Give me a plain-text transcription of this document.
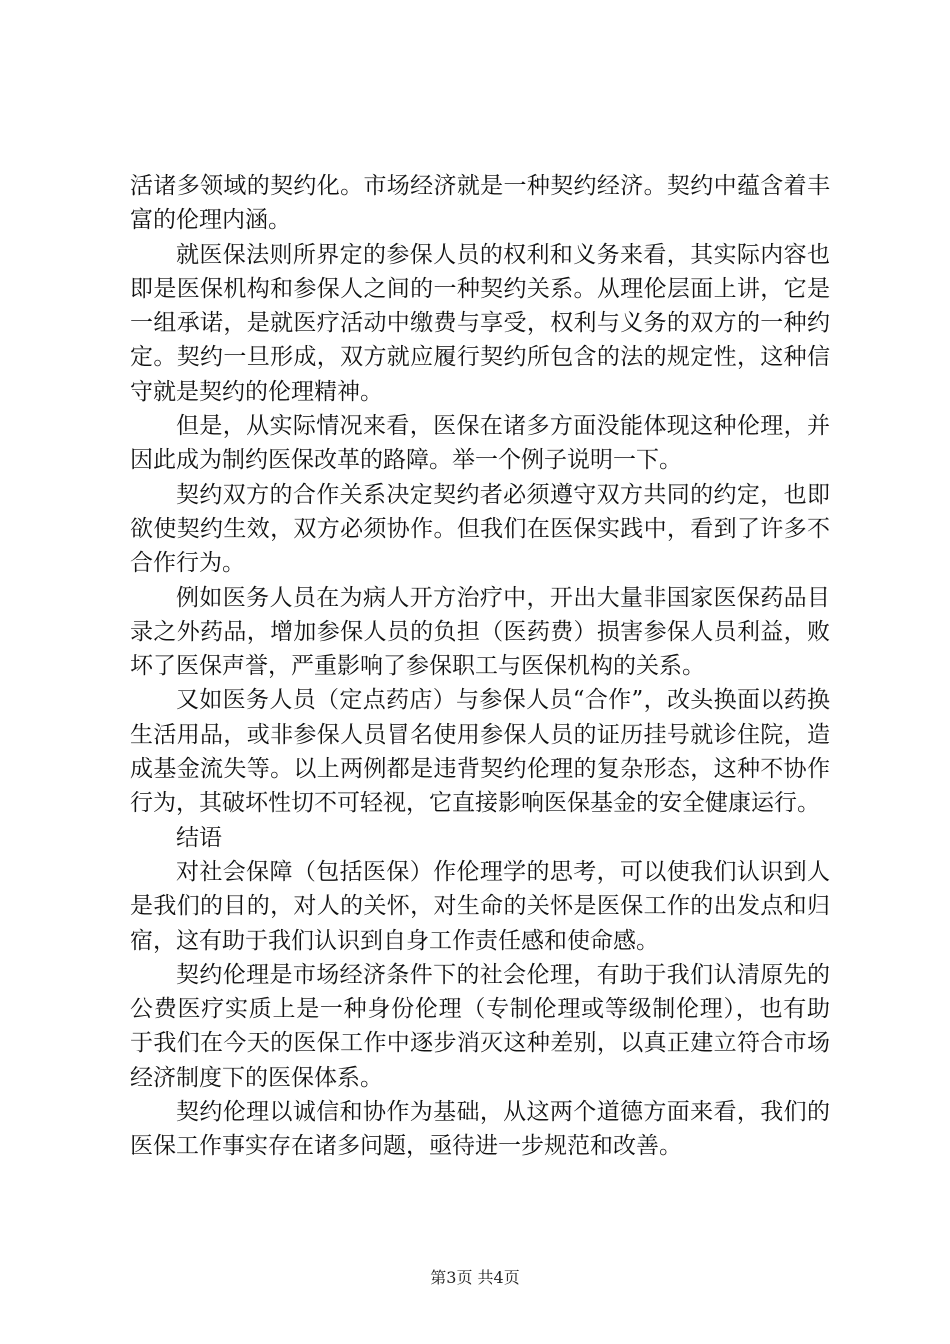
活诸多领域的契约化。市场经济就是一种契约经济。契约中蕴含着丰富的伦理内涵。

就医保法则所界定的参保人员的权利和义务来看，其实际内容也即是医保机构和参保人之间的一种契约关系。从理伦层面上讲，它是一组承诺，是就医疗活动中缴费与享受，权利与义务的双方的一种约定。契约一旦形成，双方就应履行契约所包含的法的规定性，这种信守就是契约的伦理精神。

但是，从实际情况来看，医保在诸多方面没能体现这种伦理，并因此成为制约医保改革的路障。举一个例子说明一下。

契约双方的合作关系决定契约者必须遵守双方共同的约定，也即欲使契约生效，双方必须协作。但我们在医保实践中，看到了许多不合作行为。

例如医务人员在为病人开方治疗中，开出大量非国家医保药品目录之外药品，增加参保人员的负担（医药费）损害参保人员利益，败坏了医保声誉，严重影响了参保职工与医保机构的关系。

又如医务人员（定点药店）与参保人员“合作”，改头换面以药换生活用品，或非参保人员冒名使用参保人员的证历挂号就诊住院，造成基金流失等。以上两例都是违背契约伦理的复杂形态，这种不协作行为，其破坏性切不可轻视，它直接影响医保基金的安全健康运行。

结语

对社会保障（包括医保）作伦理学的思考，可以使我们认识到人是我们的目的，对人的关怀，对生命的关怀是医保工作的出发点和归宿，这有助于我们认识到自身工作责任感和使命感。

契约伦理是市场经济条件下的社会伦理，有助于我们认清原先的公费医疗实质上是一种身份伦理（专制伦理或等级制伦理），也有助于我们在今天的医保工作中逐步消灭这种差别，以真正建立符合市场经济制度下的医保体系。

契约伦理以诚信和协作为基础，从这两个道德方面来看，我们的医保工作事实存在诸多问题，亟待进一步规范和改善。

第3页 共4页
